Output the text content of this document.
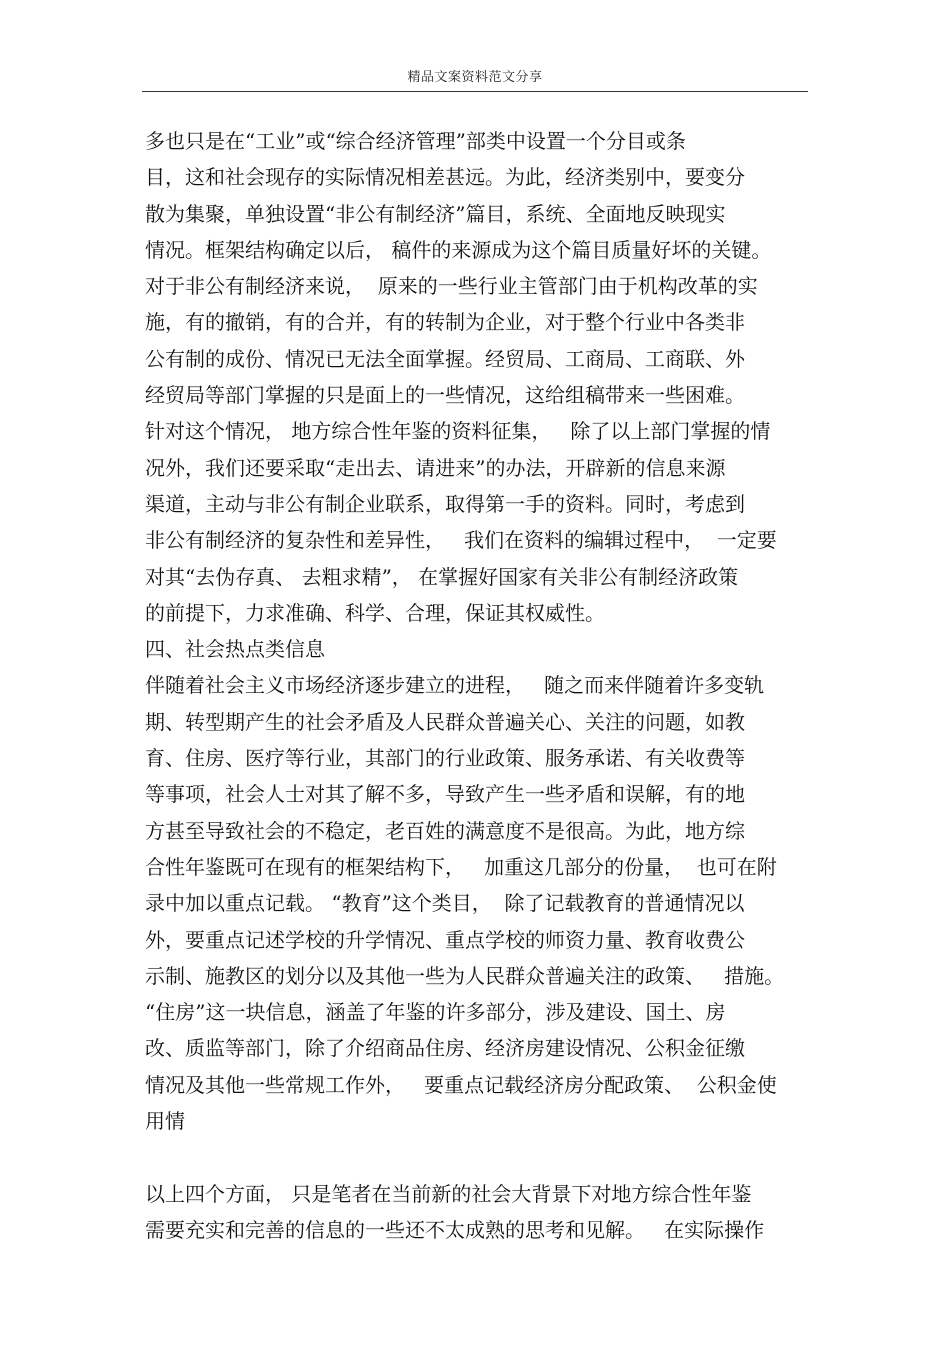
精品文案资料范文分享
多也只是在“工业”或“综合经济管理”部类中设置一个分目或条
目，这和社会现存的实际情况相差甚远。为此，经济类别中，要变分
散为集聚，单独设置“非公有制经济”篇目，系统、全面地反映现实
情况。框架结构确定以后， 稿件的来源成为这个篇目质量好坏的关键。
对于非公有制经济来说，  原来的一些行业主管部门由于机构改革的实
施，有的撤销，有的合并，有的转制为企业，对于整个行业中各类非
公有制的成份、情况已无法全面掌握。经贸局、工商局、工商联、外
经贸局等部门掌握的只是面上的一些情况，这给组稿带来一些困难。
针对这个情况， 地方综合性年鉴的资料征集，   除了以上部门掌握的情
况外，我们还要采取“走出去、请进来”的办法，开辟新的信息来源
渠道，主动与非公有制企业联系，取得第一手的资料。同时，考虑到
非公有制经济的复杂性和差异性，   我们在资料的编辑过程中，  一定要
对其“去伪存真、 去粗求精”， 在掌握好国家有关非公有制经济政策
的前提下，力求准确、科学、合理，保证其权威性。
四、社会热点类信息
伴随着社会主义市场经济逐步建立的进程，   随之而来伴随着许多变轨
期、转型期产生的社会矛盾及人民群众普遍关心、关注的问题，如教
育、住房、医疗等行业，其部门的行业政策、服务承诺、有关收费等
等事项，社会人士对其了解不多，导致产生一些矛盾和误解，有的地
方甚至导致社会的不稳定，老百姓的满意度不是很高。为此，地方综
合性年鉴既可在现有的框架结构下，   加重这几部分的份量，  也可在附
录中加以重点记载。 “教育”这个类目，  除了记载教育的普通情况以
外，要重点记述学校的升学情况、重点学校的师资力量、教育收费公
示制、施教区的划分以及其他一些为人民群众普遍关注的政策、   措施。
“住房”这一块信息，涵盖了年鉴的许多部分，涉及建设、国土、房
改、质监等部门，除了介绍商品住房、经济房建设情况、公积金征缴
情况及其他一些常规工作外，   要重点记载经济房分配政策、  公积金使
用情
以上四个方面， 只是笔者在当前新的社会大背景下对地方综合性年鉴
需要充实和完善的信息的一些还不太成熟的思考和见解。   在实际操作
